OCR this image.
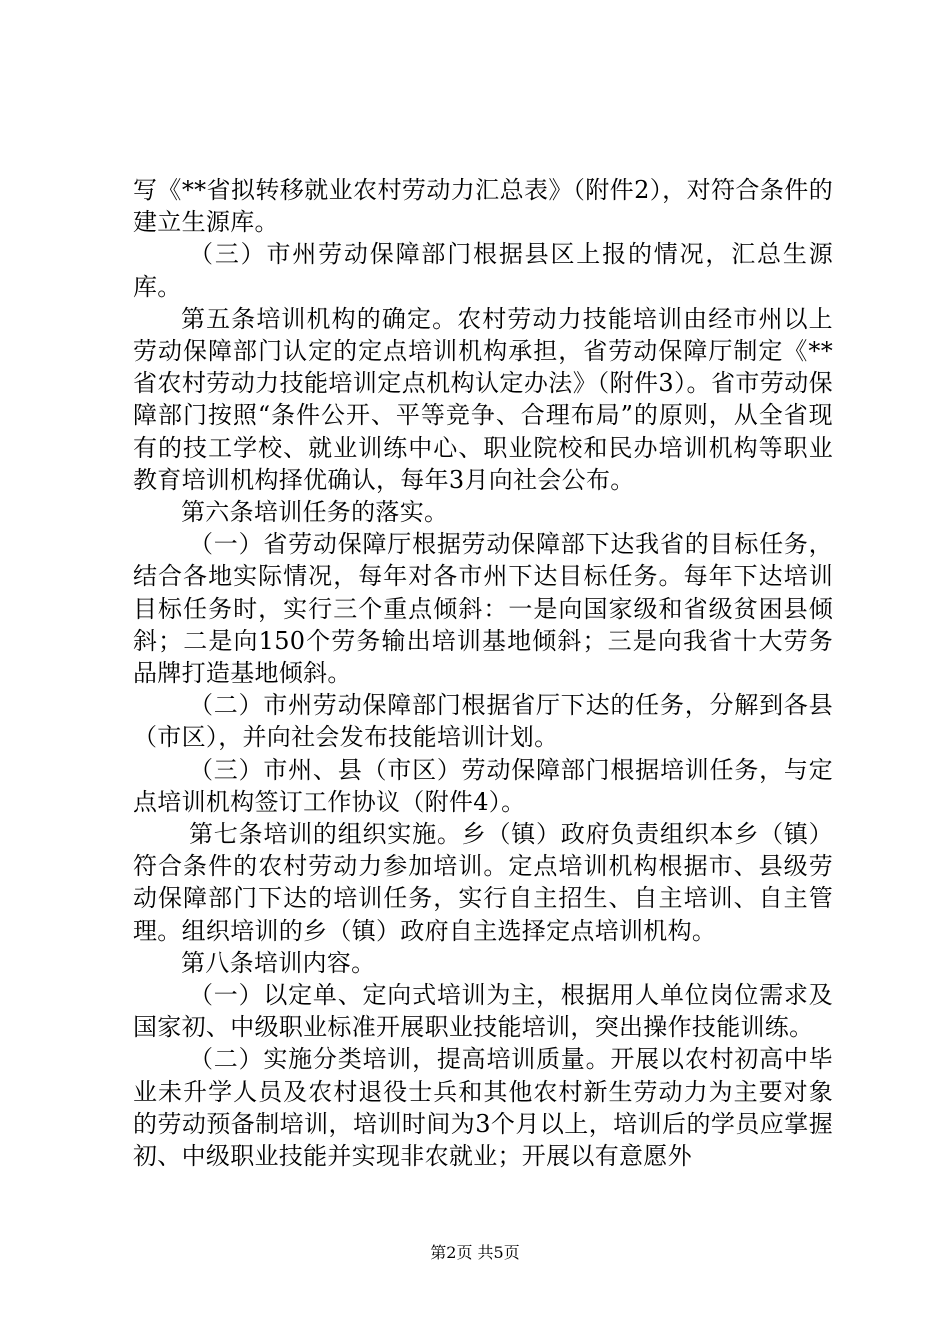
写《**省拟转移就业农村劳动力汇总表》（附件2），对符合条件的建立生源库。

（三）市州劳动保障部门根据县区上报的情况，汇总生源库。

第五条培训机构的确定。农村劳动力技能培训由经市州以上劳动保障部门认定的定点培训机构承担，省劳动保障厅制定《**省农村劳动力技能培训定点机构认定办法》（附件3）。省市劳动保障部门按照“条件公开、平等竞争、合理布局”的原则，从全省现有的技工学校、就业训练中心、职业院校和民办培训机构等职业教育培训机构择优确认，每年3月向社会公布。

第六条培训任务的落实。

（一）省劳动保障厅根据劳动保障部下达我省的目标任务，结合各地实际情况，每年对各市州下达目标任务。每年下达培训目标任务时，实行三个重点倾斜：一是向国家级和省级贫困县倾斜；二是向150个劳务输出培训基地倾斜；三是向我省十大劳务品牌打造基地倾斜。

（二）市州劳动保障部门根据省厅下达的任务，分解到各县（市区），并向社会发布技能培训计划。

（三）市州、县（市区）劳动保障部门根据培训任务，与定点培训机构签订工作协议（附件4）。

第七条培训的组织实施。乡（镇）政府负责组织本乡（镇）符合条件的农村劳动力参加培训。定点培训机构根据市、县级劳动保障部门下达的培训任务，实行自主招生、自主培训、自主管理。组织培训的乡（镇）政府自主选择定点培训机构。

第八条培训内容。

（一）以定单、定向式培训为主，根据用人单位岗位需求及国家初、中级职业标准开展职业技能培训，突出操作技能训练。

（二）实施分类培训，提高培训质量。开展以农村初高中毕业未升学人员及农村退役士兵和其他农村新生劳动力为主要对象的劳动预备制培训，培训时间为3个月以上，培训后的学员应掌握初、中级职业技能并实现非农就业；开展以有意愿外

第2页 共5页
